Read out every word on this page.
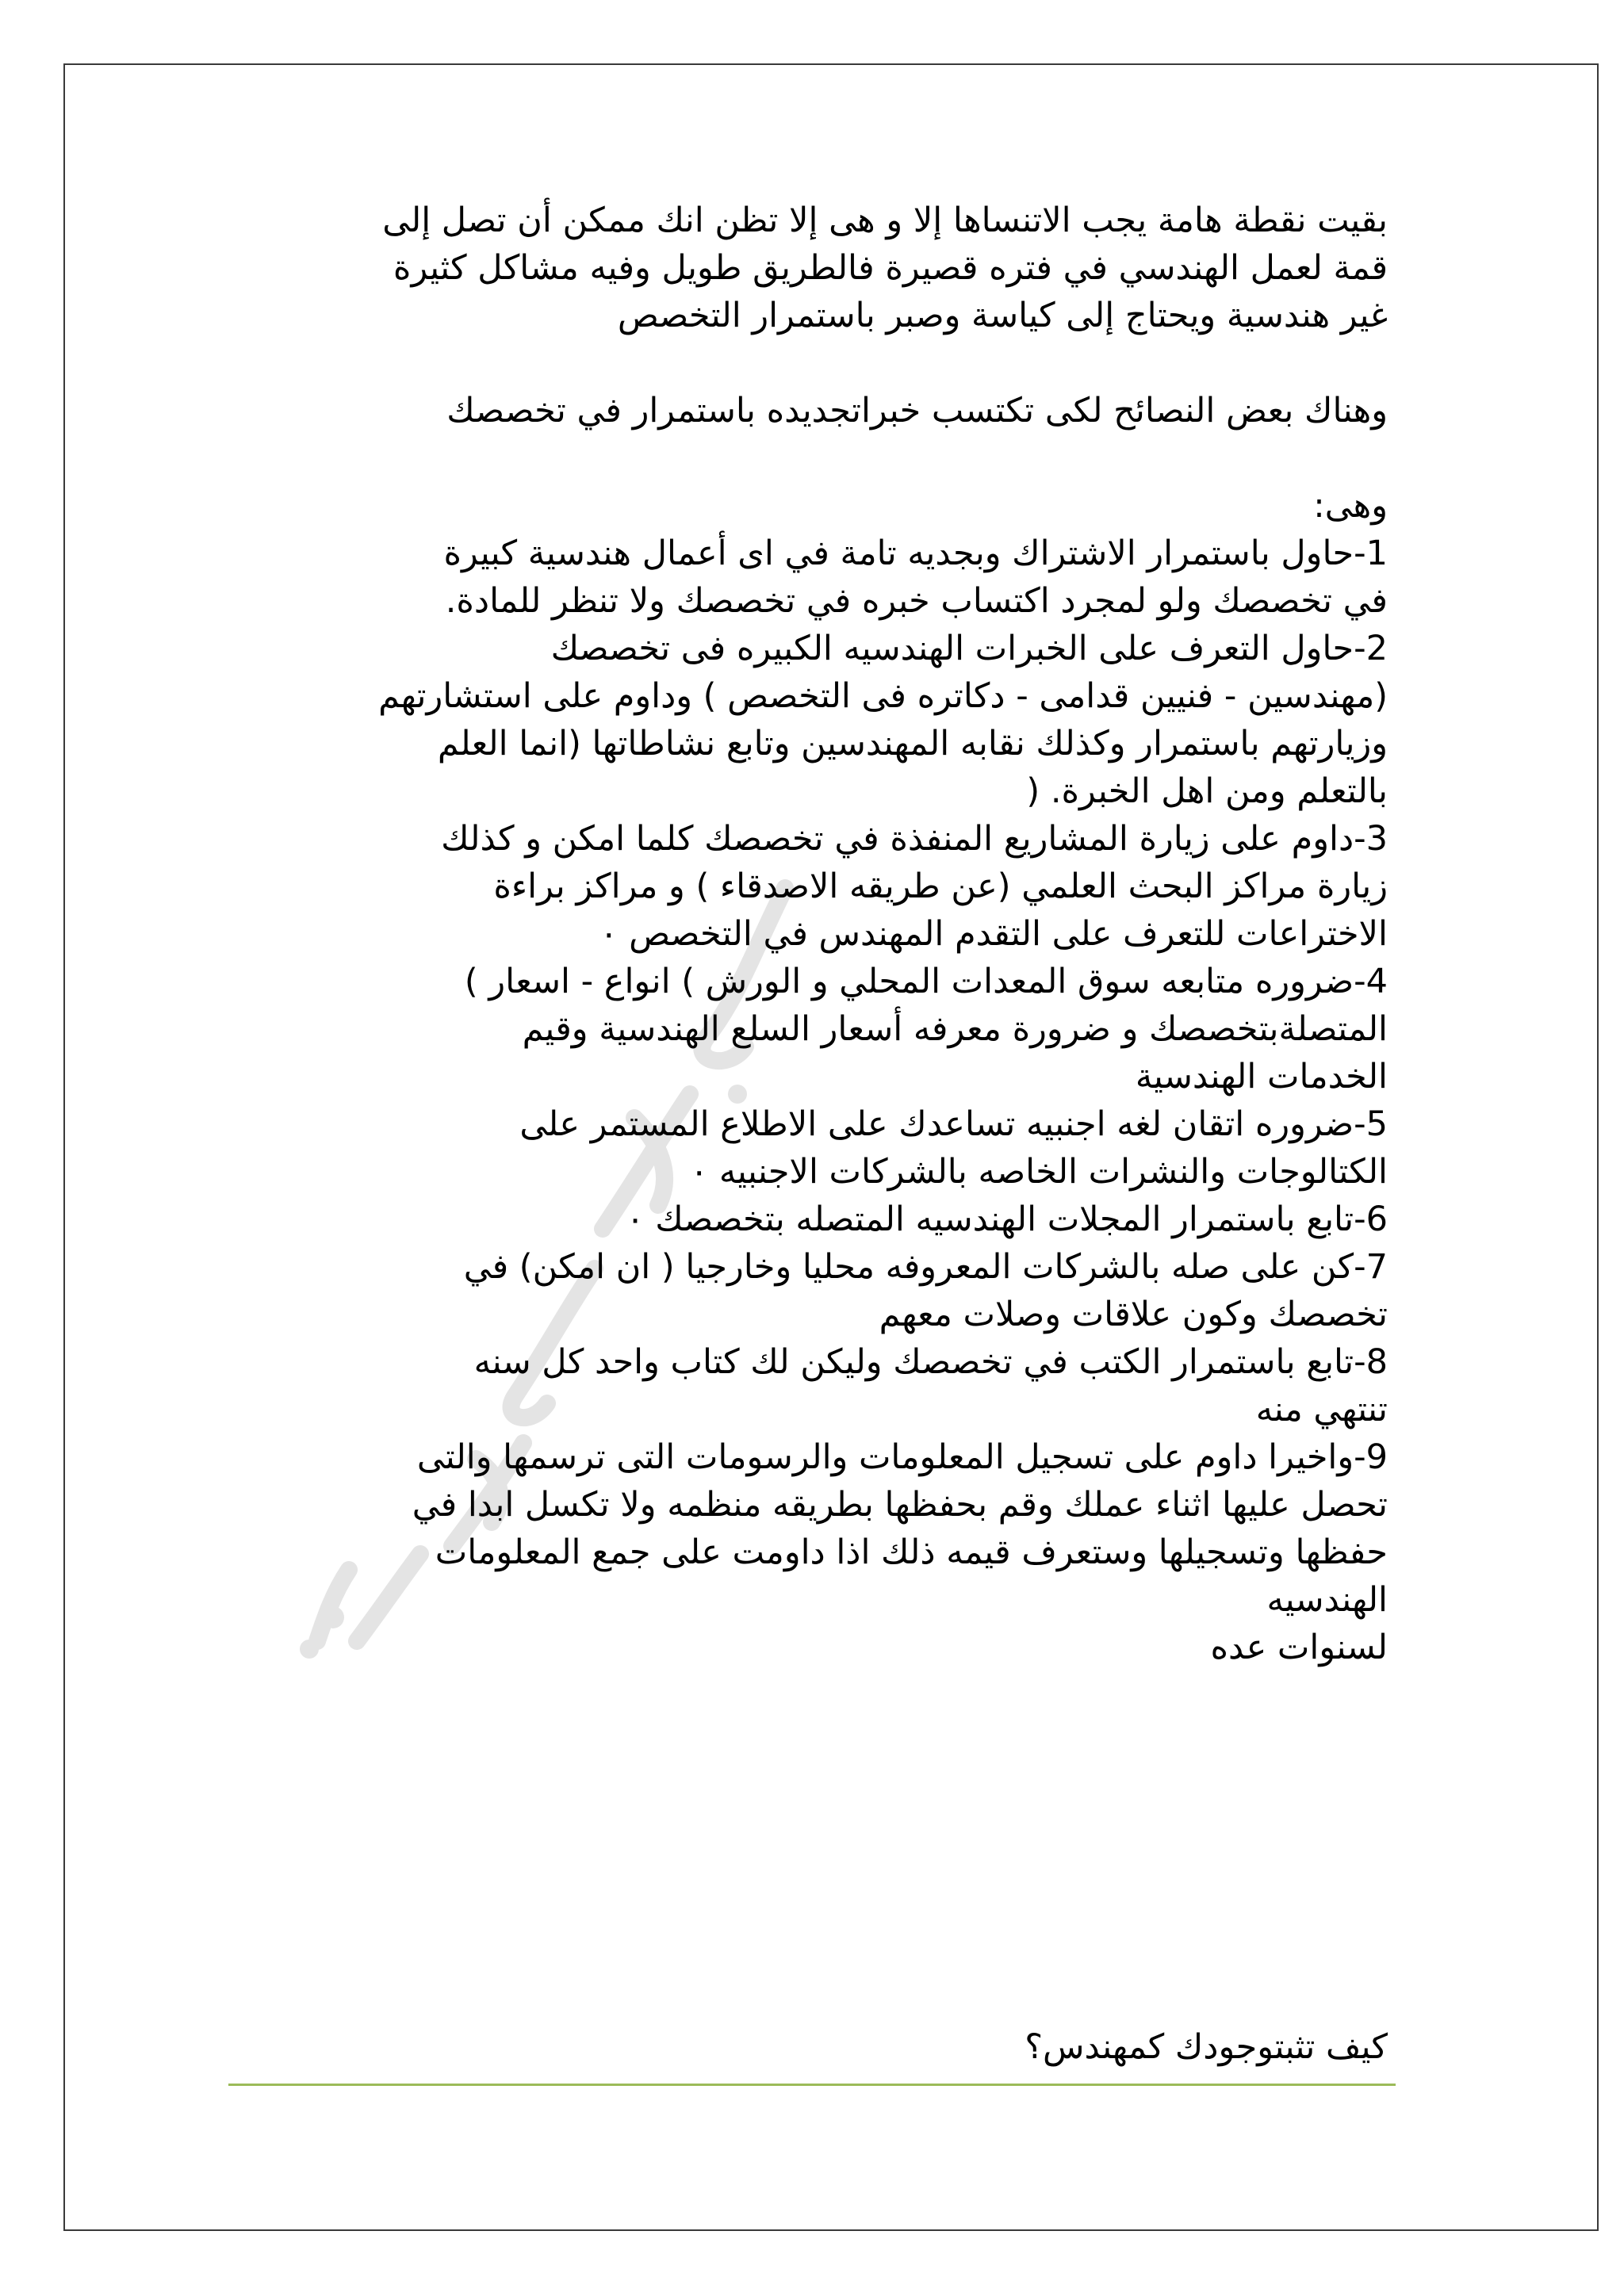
بقيت نقطة هامة يجب الاتنساها إلا و هى إلا تظن انك ممكن أن تصل إلى
قمة لعمل الهندسي في فتره قصيرة فالطريق طويل وفيه مشاكل كثيرة
غير هندسية ويحتاج إلى كياسة وصبر باستمرار التخصص
وهناك بعض النصائح لكى تكتسب خبراتجديده باستمرار في تخصصك
وهى:
1-حاول باستمرار الاشتراك وبجديه تامة في اى أعمال هندسية كبيرة
في تخصصك ولو لمجرد اكتساب خبره في تخصصك ولا تنظر للمادة.
2-حاول التعرف على الخبرات الهندسيه الكبيره فى تخصصك
(مهندسين - فنيين قدامى - دكاتره فى التخصص ) وداوم على استشارتهم
وزيارتهم باستمرار وكذلك نقابه المهندسين وتابع نشاطاتها (انما العلم
بالتعلم ومن اهل الخبرة. (
3-داوم على زيارة المشاريع المنفذة في تخصصك كلما امكن و كذلك
زيارة مراكز البحث العلمي (عن طريقه الاصدقاء ) و مراكز براءة
الاختراعات للتعرف على التقدم المهندس في التخصص ٠
4-ضروره متابعه سوق المعدات المحلي و الورش ) انواع - اسعار )
المتصلةبتخصصك و ضرورة معرفه أسعار السلع الهندسية وقيم
الخدمات الهندسية
5-ضروره اتقان لغه اجنبيه تساعدك على الاطلاع المستمر على
الكتالوجات والنشرات الخاصه بالشركات الاجنبيه ٠
6-تابع باستمرار المجلات الهندسيه المتصله بتخصصك ٠
7-كن على صله بالشركات المعروفه محليا وخارجيا ( ان امكن) في
تخصصك وكون علاقات وصلات معهم
8-تابع باستمرار الكتب في تخصصك وليكن لك كتاب واحد كل سنه
تنتهي منه
9-واخيرا داوم على تسجيل المعلومات والرسومات التى ترسمها والتى
تحصل عليها اثناء عملك وقم بحفظها بطريقه منظمه ولا تكسل ابدا في
حفظها وتسجيلها وستعرف قيمه ذلك اذا داومت على جمع المعلومات
الهندسيه
لسنوات عده
كيف تثبتوجودك كمهندس؟
